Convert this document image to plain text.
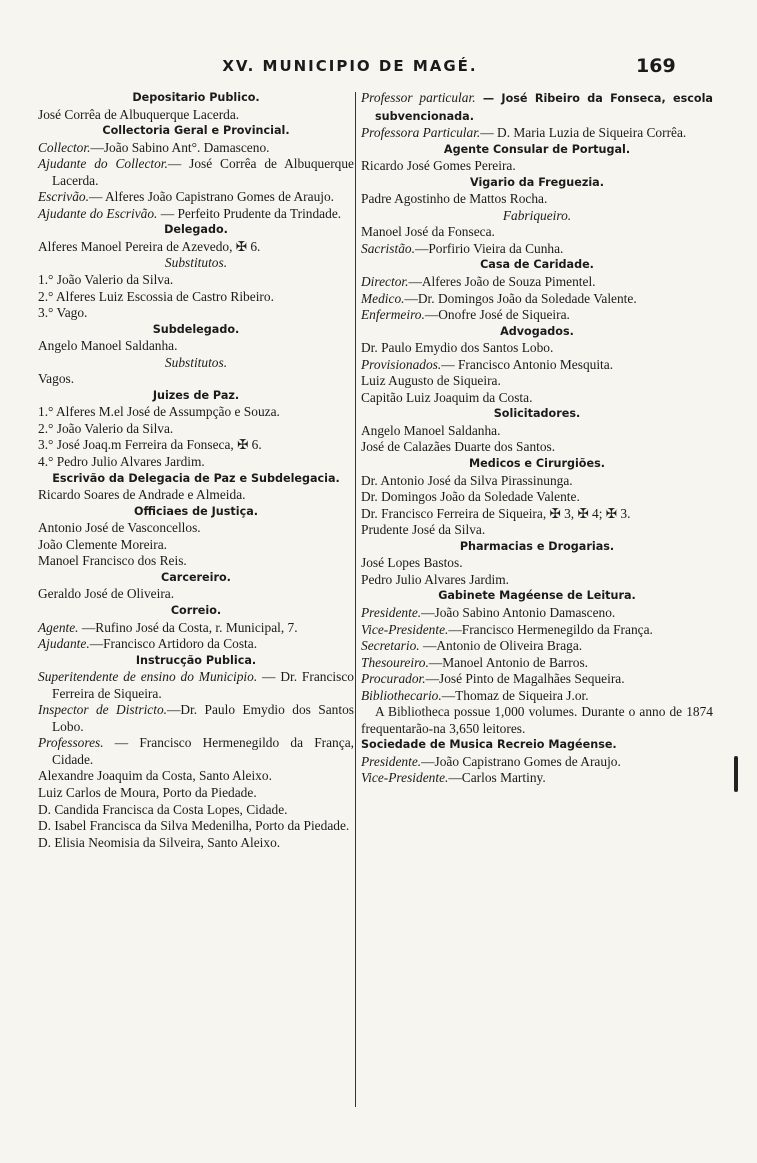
XV. MUNICIPIO DE MAGÉ.	169

Depositario Publico.

José Corrêa de Albuquerque Lacerda.

Collectoria Geral e Provincial.

Collector.—João Sabino Ant°. Damasceno.

Ajudante do Collector.— José Corrêa de Albuquerque Lacerda.

Escrivão.— Alferes João Capistrano Gomes de Araujo.

Ajudante do Escrivão. — Perfeito Prudente da Trindade.

Delegado.

Alferes Manoel Pereira de Azevedo, ✠ 6.

Substitutos.

1.° João Valerio da Silva.

2.° Alferes Luiz Escossia de Castro Ribeiro.

3.° Vago.

Subdelegado.

Angelo Manoel Saldanha.

Substitutos.

Vagos.

Juizes de Paz.

1.° Alferes M.el José de Assumpção e Souza.

2.° João Valerio da Silva.

3.° José Joaq.m Ferreira da Fonseca, ✠ 6.

4.° Pedro Julio Alvares Jardim.

Escrivão da Delegacia de Paz e Subdelegacia.

Ricardo Soares de Andrade e Almeida.

Officiaes de Justiça.

Antonio José de Vasconcellos.

João Clemente Moreira.

Manoel Francisco dos Reis.

Carcereiro.

Geraldo José de Oliveira.

Correio.

Agente. —Rufino José da Costa, r. Municipal, 7.

Ajudante.—Francisco Artidoro da Costa.

Instrucção Publica.

Superitendente de ensino do Municipio. — Dr. Francisco Ferreira de Siqueira.

Inspector de Districto.—Dr. Paulo Emydio dos Santos Lobo.

Professores. — Francisco Hermenegildo da França, Cidade.

Alexandre Joaquim da Costa, Santo Aleixo.

Luiz Carlos de Moura, Porto da Piedade.

D. Candida Francisca da Costa Lopes, Cidade.

D. Isabel Francisca da Silva Medenilha, Porto da Piedade.

D. Elisia Neomisia da Silveira, Santo Aleixo.

Professor particular. — José Ribeiro da Fonseca, escola subvencionada.

Professora Particular.— D. Maria Luzia de Siqueira Corrêa.

Agente Consular de Portugal.

Ricardo José Gomes Pereira.

Vigario da Freguezia.

Padre Agostinho de Mattos Rocha.

Fabriqueiro.

Manoel José da Fonseca.

Sacristão.—Porfirio Vieira da Cunha.

Casa de Caridade.

Director.—Alferes João de Souza Pimentel.

Medico.—Dr. Domingos João da Soledade Valente.

Enfermeiro.—Onofre José de Siqueira.

Advogados.

Dr. Paulo Emydio dos Santos Lobo.

Provisionados.— Francisco Antonio Mesquita.

Luiz Augusto de Siqueira.

Capitão Luiz Joaquim da Costa.

Solicitadores.

Angelo Manoel Saldanha.

José de Calazães Duarte dos Santos.

Medicos e Cirurgiões.

Dr. Antonio José da Silva Pirassinunga.

Dr. Domingos João da Soledade Valente.

Dr. Francisco Ferreira de Siqueira, ✠ 3, ✠ 4; ✠ 3.

Prudente José da Silva.

Pharmacias e Drogarias.

José Lopes Bastos.

Pedro Julio Alvares Jardim.

Gabinete Magéense de Leitura.

Presidente.—João Sabino Antonio Damasceno.

Vice-Presidente.—Francisco Hermenegildo da França.

Secretario. —Antonio de Oliveira Braga.

Thesoureiro.—Manoel Antonio de Barros.

Procurador.—José Pinto de Magalhães Sequeira.

Bibliothecario.—Thomaz de Siqueira J.or.

A Bibliotheca possue 1,000 volumes. Durante o anno de 1874 frequentarão-na 3,650 leitores.

Sociedade de Musica Recreio Magéense.

Presidente.—João Capistrano Gomes de Araujo.

Vice-Presidente.—Carlos Martiny.
